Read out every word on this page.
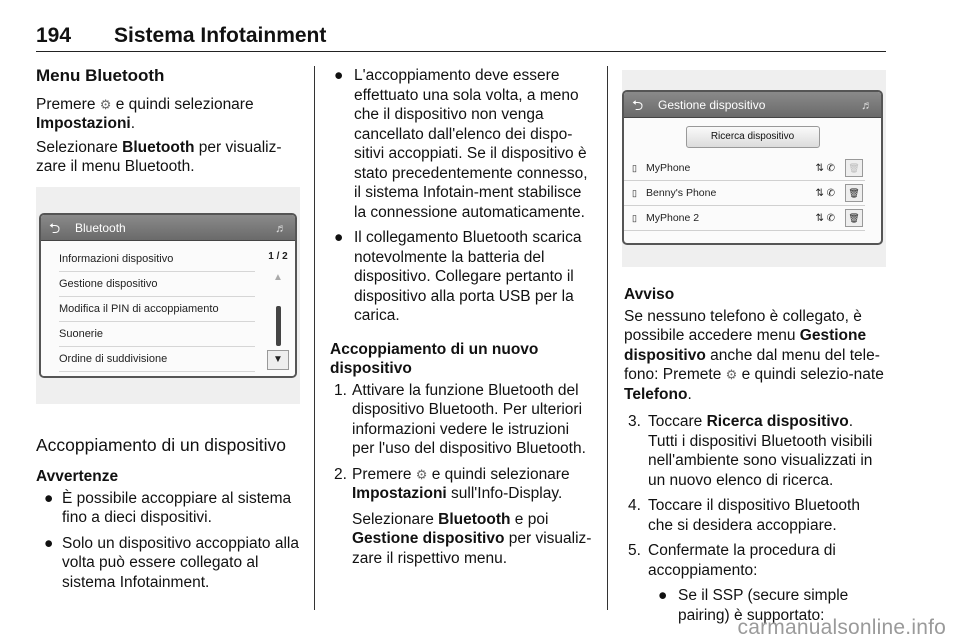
194 Sistema Infotainment
Menu Bluetooth

Premere ⚙ e quindi selezionare Impostazioni.

Selezionare Bluetooth per visualiz-zare il menu Bluetooth.

⮌ Bluetooth	♬
Informazioni dispositivo
Gestione dispositivo
Modifica il PIN di accoppiamento
Suonerie
Ordine di suddivisione
1 / 2
▲
▼
Accoppiamento di un dispositivo
Avvertenze
● È possibile accoppiare al sistema fino a dieci dispositivi.
● Solo un dispositivo accoppiato alla volta può essere collegato al sistema Infotainment.
● L'accoppiamento deve essere effettuato una sola volta, a meno che il dispositivo non venga cancellato dall'elenco dei dispo-sitivi accoppiati. Se il dispositivo è stato precedentemente connesso, il sistema Infotain-ment stabilisce la connessione automaticamente.
● Il collegamento Bluetooth scarica notevolmente la batteria del dispositivo. Collegare pertanto il dispositivo alla porta USB per la carica.
Accoppiamento di un nuovo dispositivo
1. Attivare la funzione Bluetooth del dispositivo Bluetooth. Per ulteriori informazioni vedere le istruzioni per l'uso del dispositivo Bluetooth.
2. Premere ⚙ e quindi selezionare Impostazioni sull'Info-Display.

Selezionare Bluetooth e poi Gestione dispositivo per visualiz-zare il rispettivo menu.

⮌ Gestione dispositivo	♬
Ricerca dispositivo
▯ MyPhone	⇅ ✆	🗑
▯ Benny's Phone	⇅ ✆	🗑
▯ MyPhone 2	⇅ ✆	🗑
Avviso

Se nessuno telefono è collegato, è possibile accedere menu Gestione dispositivo anche dal menu del tele-fono: Premete ⚙ e quindi selezio-nate Telefono.

3. Toccare Ricerca dispositivo. Tutti i dispositivi Bluetooth visibili nell'ambiente sono visualizzati in un nuovo elenco di ricerca.
4. Toccare il dispositivo Bluetooth che si desidera accoppiare.
5. Confermate la procedura di accoppiamento:
● Se il SSP (secure simple pairing) è supportato:
carmanualsonline.info
